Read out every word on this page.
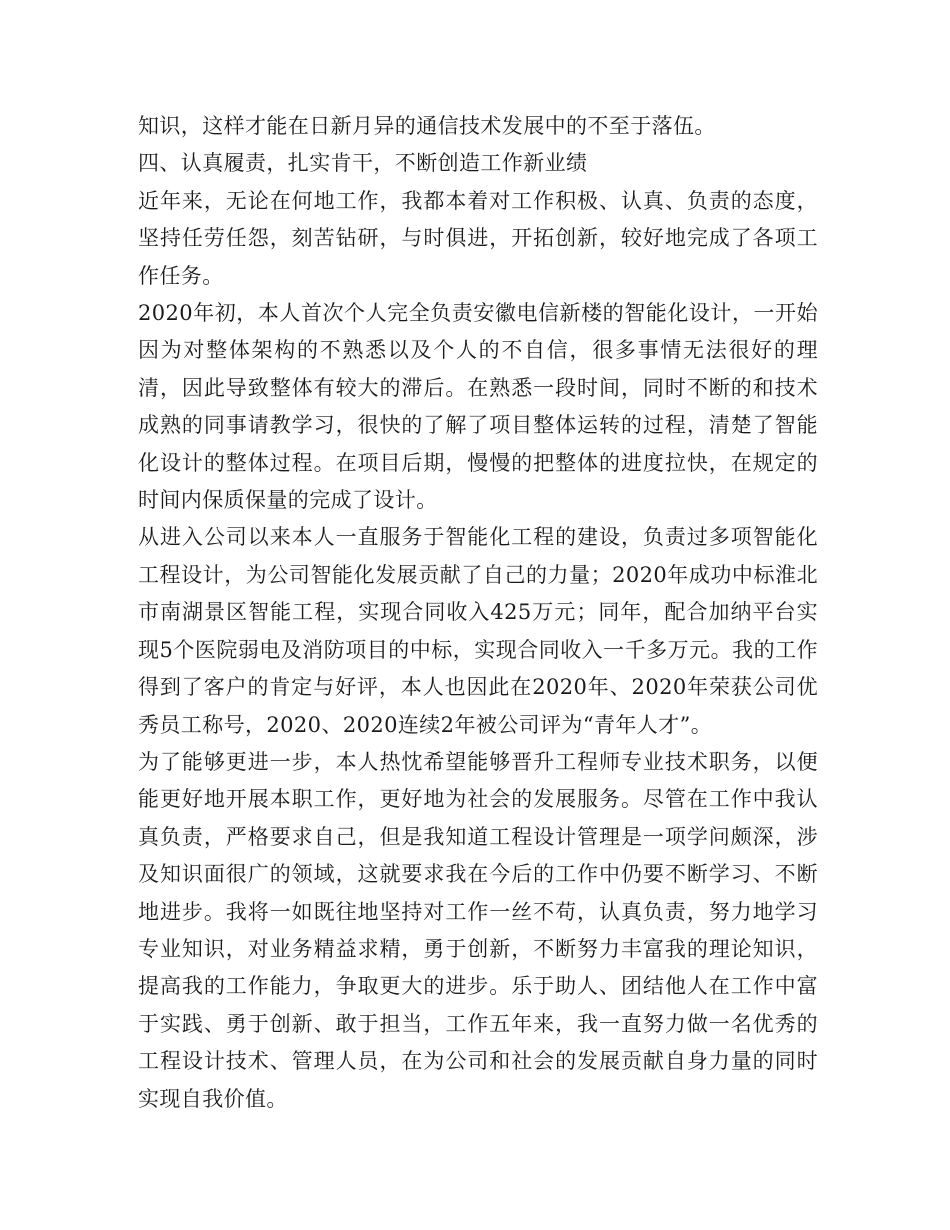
知识，这样才能在日新月异的通信技术发展中的不至于落伍。

四、认真履责，扎实肯干，不断创造工作新业绩

近年来，无论在何地工作，我都本着对工作积极、认真、负责的态度，坚持任劳任怨，刻苦钻研，与时俱进，开拓创新，较好地完成了各项工作任务。

2020年初，本人首次个人完全负责安徽电信新楼的智能化设计，一开始因为对整体架构的不熟悉以及个人的不自信，很多事情无法很好的理清，因此导致整体有较大的滞后。在熟悉一段时间，同时不断的和技术成熟的同事请教学习，很快的了解了项目整体运转的过程，清楚了智能化设计的整体过程。在项目后期，慢慢的把整体的进度拉快，在规定的时间内保质保量的完成了设计。

从进入公司以来本人一直服务于智能化工程的建设，负责过多项智能化工程设计，为公司智能化发展贡献了自己的力量；2020年成功中标淮北市南湖景区智能工程，实现合同收入425万元；同年，配合加纳平台实现5个医院弱电及消防项目的中标，实现合同收入一千多万元。我的工作得到了客户的肯定与好评，本人也因此在2020年、2020年荣获公司优秀员工称号，2020、2020连续2年被公司评为“青年人才”。

为了能够更进一步，本人热忱希望能够晋升工程师专业技术职务，以便能更好地开展本职工作，更好地为社会的发展服务。尽管在工作中我认真负责，严格要求自己，但是我知道工程设计管理是一项学问颇深，涉及知识面很广的领域，这就要求我在今后的工作中仍要不断学习、不断地进步。我将一如既往地坚持对工作一丝不苟，认真负责，努力地学习专业知识，对业务精益求精，勇于创新，不断努力丰富我的理论知识，提高我的工作能力，争取更大的进步。乐于助人、团结他人在工作中富于实践、勇于创新、敢于担当，工作五年来，我一直努力做一名优秀的工程设计技术、管理人员，在为公司和社会的发展贡献自身力量的同时实现自我价值。
